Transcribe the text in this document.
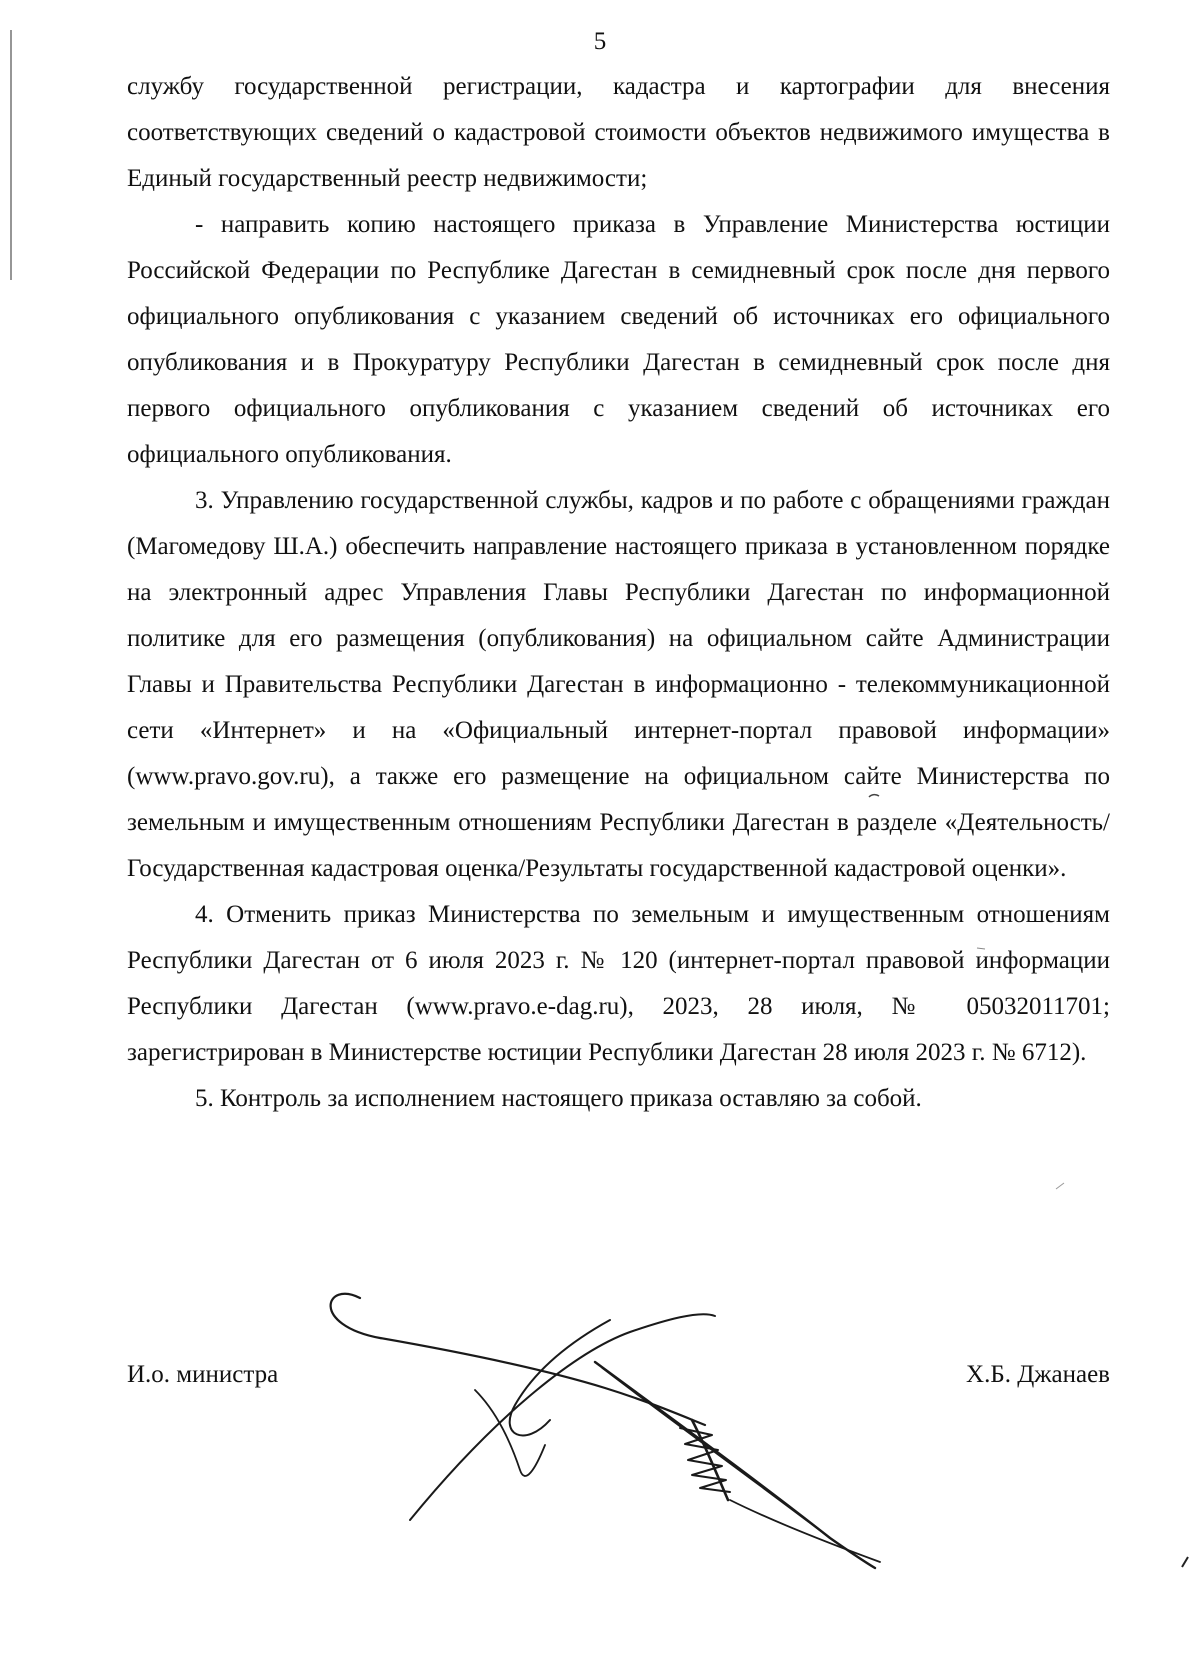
5

службу государственной регистрации, кадастра и картографии для внесения соответствующих сведений о кадастровой стоимости объектов недвижимого имущества в Единый государственный реестр недвижимости;

- направить копию настоящего приказа в Управление Министерства юстиции Российской Федерации по Республике Дагестан в семидневный срок после дня первого официального опубликования с указанием сведений об источниках его официального опубликования и в Прокуратуру Республики Дагестан в семидневный срок после дня первого официального опубликования с указанием сведений об источниках его официального опубликования.

3. Управлению государственной службы, кадров и по работе с обращениями граждан (Магомедову Ш.А.) обеспечить направление настоящего приказа в установленном порядке на электронный адрес Управления Главы Республики Дагестан по информационной политике для его размещения (опубликования) на официальном сайте Администрации Главы и Правительства Республики Дагестан в информационно - телекоммуникационной сети «Интернет» и на «Официальный интернет-портал правовой информации» (www.pravo.gov.ru), а также его размещение на официальном сайте Министерства по земельным и имущественным отношениям Республики Дагестан в разделе «Деятельность/Государственная кадастровая оценка/Результаты государственной кадастровой оценки».

4. Отменить приказ Министерства по земельным и имущественным отношениям Республики Дагестан от 6 июля 2023 г. № 120 (интернет-портал правовой информации Республики Дагестан (www.pravo.e-dag.ru), 2023, 28 июля, № 05032011701; зарегистрирован в Министерстве юстиции Республики Дагестан 28 июля 2023 г. № 6712).

5. Контроль за исполнением настоящего приказа оставляю за собой.

И.о. министра	Х.Б. Джанаев
